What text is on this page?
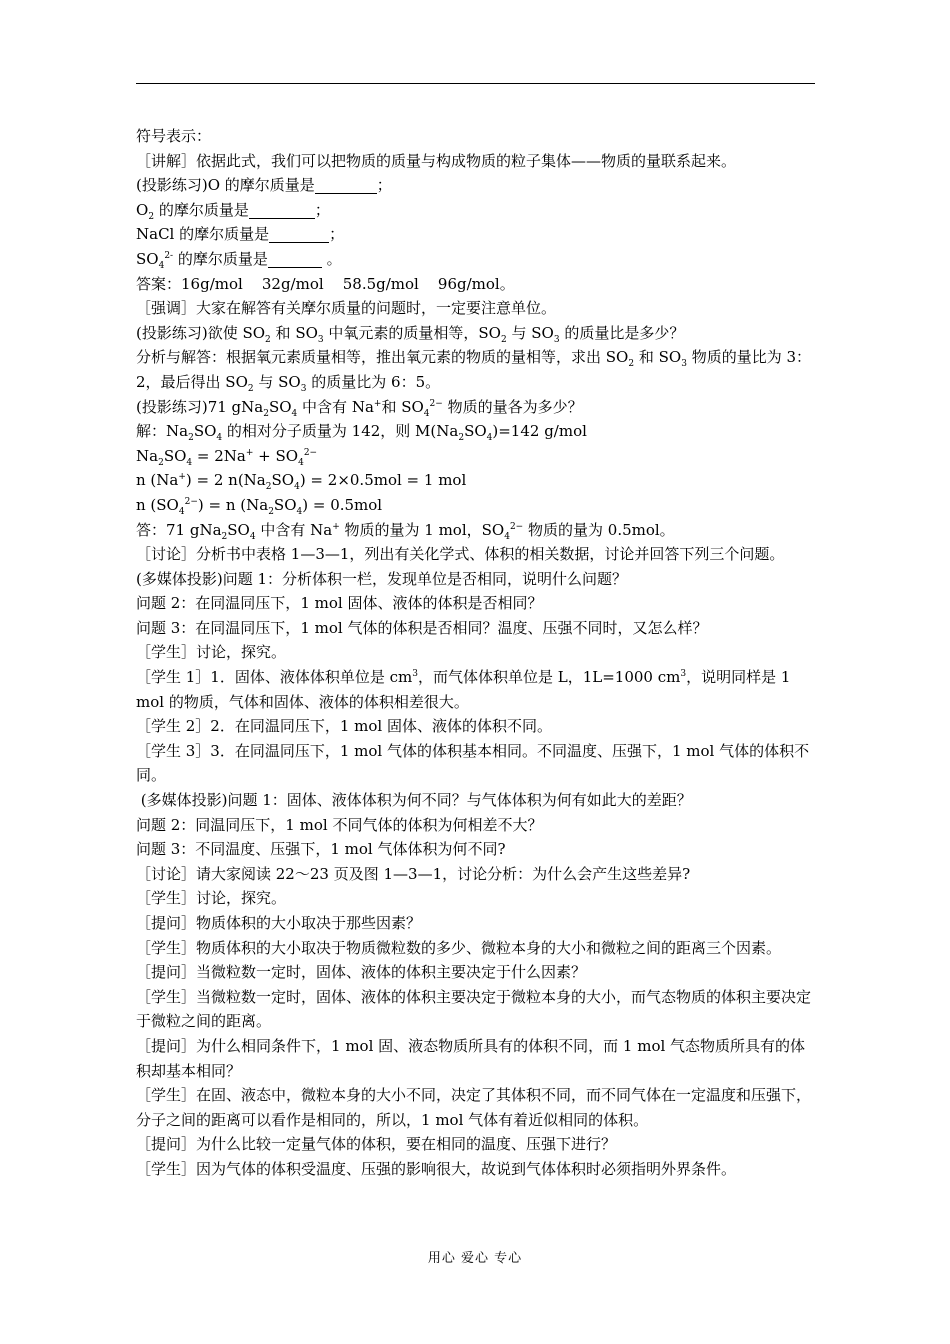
符号表示：

［讲解］依据此式，我们可以把物质的质量与构成物质的粒子集体——物质的量联系起来。

(投影练习)O 的摩尔质量是	；

$O_2$ 的摩尔质量是	；

NaCl 的摩尔质量是	；

$SO_4^{2-}$ 的摩尔质量是	。

答案：16g/mol    32g/mol    58.5g/mol    96g/mol。

［强调］大家在解答有关摩尔质量的问题时，一定要注意单位。

(投影练习)欲使 $SO_2$ 和 $SO_3$ 中氧元素的质量相等，$SO_2$ 与 $SO_3$ 的质量比是多少？

分析与解答：根据氧元素质量相等，推出氧元素的物质的量相等，求出 $SO_2$ 和 $SO_3$ 物质的量比为 3：2，最后得出 $SO_2$ 与 $SO_3$ 的质量比为 6：5。

(投影练习)71 $gNa_2SO_4$ 中含有 Na+和 $SO_4^{2-}$ 物质的量各为多少？

解：$Na_2SO_4$ 的相对分子质量为 142，则 $M(Na_2SO_4)=142$ g/mol

$Na_2SO_4 = 2Na^+ + SO_4^{2-}$

n (Na+) = 2 $n(Na_2SO_4) = 2\times 0.5mol = 1$ mol

n $(SO_4^{2-}) = n$ $(Na_2SO_4) = 0.5mol$

答：71 $gNa_2SO_4$ 中含有 Na+ 物质的量为 1 mol，$SO_4^{2-}$ 物质的量为 0.5mol。

［讨论］分析书中表格 1—3—1，列出有关化学式、体积的相关数据，讨论并回答下列三个问题。

(多媒体投影)问题 1：分析体积一栏，发现单位是否相同，说明什么问题？

问题 2：在同温同压下，1 mol 固体、液体的体积是否相同？

问题 3：在同温同压下，1 mol 气体的体积是否相同？温度、压强不同时，又怎么样？

［学生］讨论，探究。

［学生 1］1．固体、液体体积单位是 $cm^3$，而气体体积单位是 L，1L=1000 $cm^3$，说明同样是 1 mol 的物质，气体和固体、液体的体积相差很大。

［学生 2］2．在同温同压下，1 mol 固体、液体的体积不同。

［学生 3］3．在同温同压下，1 mol 气体的体积基本相同。不同温度、压强下，1 mol 气体的体积不同。

(多媒体投影)问题 1：固体、液体体积为何不同？与气体体积为何有如此大的差距？

问题 2：同温同压下，1 mol 不同气体的体积为何相差不大？

问题 3：不同温度、压强下，1 mol 气体体积为何不同?

［讨论］请大家阅读 22～23 页及图 1—3—1，讨论分析：为什么会产生这些差异?

［学生］讨论，探究。

［提问］物质体积的大小取决于那些因素？

［学生］物质体积的大小取决于物质微粒数的多少、微粒本身的大小和微粒之间的距离三个因素。

［提问］当微粒数一定时，固体、液体的体积主要决定于什么因素？

［学生］当微粒数一定时，固体、液体的体积主要决定于微粒本身的大小，而气态物质的体积主要决定于微粒之间的距离。

［提问］为什么相同条件下，1 mol 固、液态物质所具有的体积不同，而 1 mol 气态物质所具有的体积却基本相同？

［学生］在固、液态中，微粒本身的大小不同，决定了其体积不同，而不同气体在一定温度和压强下，分子之间的距离可以看作是相同的，所以，1 mol 气体有着近似相同的体积。

［提问］为什么比较一定量气体的体积，要在相同的温度、压强下进行？

［学生］因为气体的体积受温度、压强的影响很大，故说到气体体积时必须指明外界条件。

用心 爱心 专心
